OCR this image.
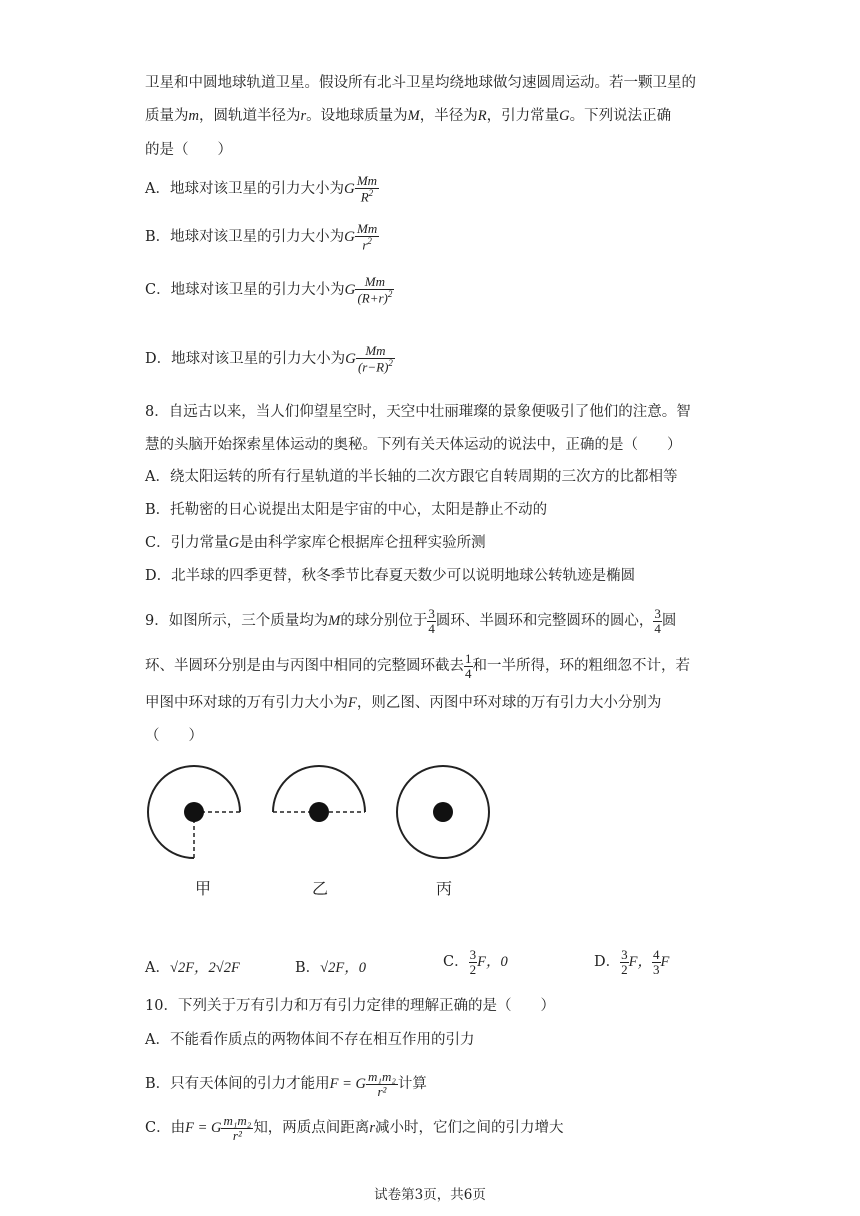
卫星和中圆地球轨道卫星。假设所有北斗卫星均绕地球做匀速圆周运动。若一颗卫星的
质量为m，圆轨道半径为r。设地球质量为M，半径为R，引力常量G。下列说法正确
的是（　　）
A．地球对该卫星的引力大小为G $\frac{Mm}{R^2}$
B．地球对该卫星的引力大小为G $\frac{Mm}{r^2}$
C．地球对该卫星的引力大小为G $\frac{Mm}{(R+r)^2}$
D．地球对该卫星的引力大小为G $\frac{Mm}{(r-R)^2}$
8．自远古以来，当人们仰望星空时，天空中壮丽璀璨的景象便吸引了他们的注意。智
慧的头脑开始探索星体运动的奥秘。下列有关天体运动的说法中，正确的是（　　）
A．绕太阳运转的所有行星轨道的半长轴的二次方跟它自转周期的三次方的比都相等
B．托勒密的日心说提出太阳是宇宙的中心，太阳是静止不动的
C．引力常量G是由科学家库仑根据库仑扭秤实验所测
D．北半球的四季更替，秋冬季节比春夏天数少可以说明地球公转轨迹是椭圆
9．如图所示，三个质量均为M的球分别位于 $\frac{3}{4}$ 圆环、半圆环和完整圆环的圆心， $\frac{3}{4}$ 圆
环、半圆环分别是由与丙图中相同的完整圆环截去 $\frac{1}{4}$ 和一半所得，环的粗细忽不计，若
甲图中环对球的万有引力大小为F，则乙图、丙图中环对球的万有引力大小分别为
（　　）
甲	乙	丙
A．√2F，2√2F	B．√2F，0	C． $\frac{3}{2}$ F，0	D． $\frac{3}{2}$ F， $\frac{4}{3}$ F
10．下列关于万有引力和万有引力定律的理解正确的是（　　）
A．不能看作质点的两物体间不存在相互作用的引力
B．只有天体间的引力才能用F = G $\frac{\text{m₁m₂}}{\text{r²}}$ 计算
C．由F = G $\frac{\text{m₁m₂}}{\text{r²}}$ 知，两质点间距离r减小时，它们之间的引力增大
试卷第3页，共6页
